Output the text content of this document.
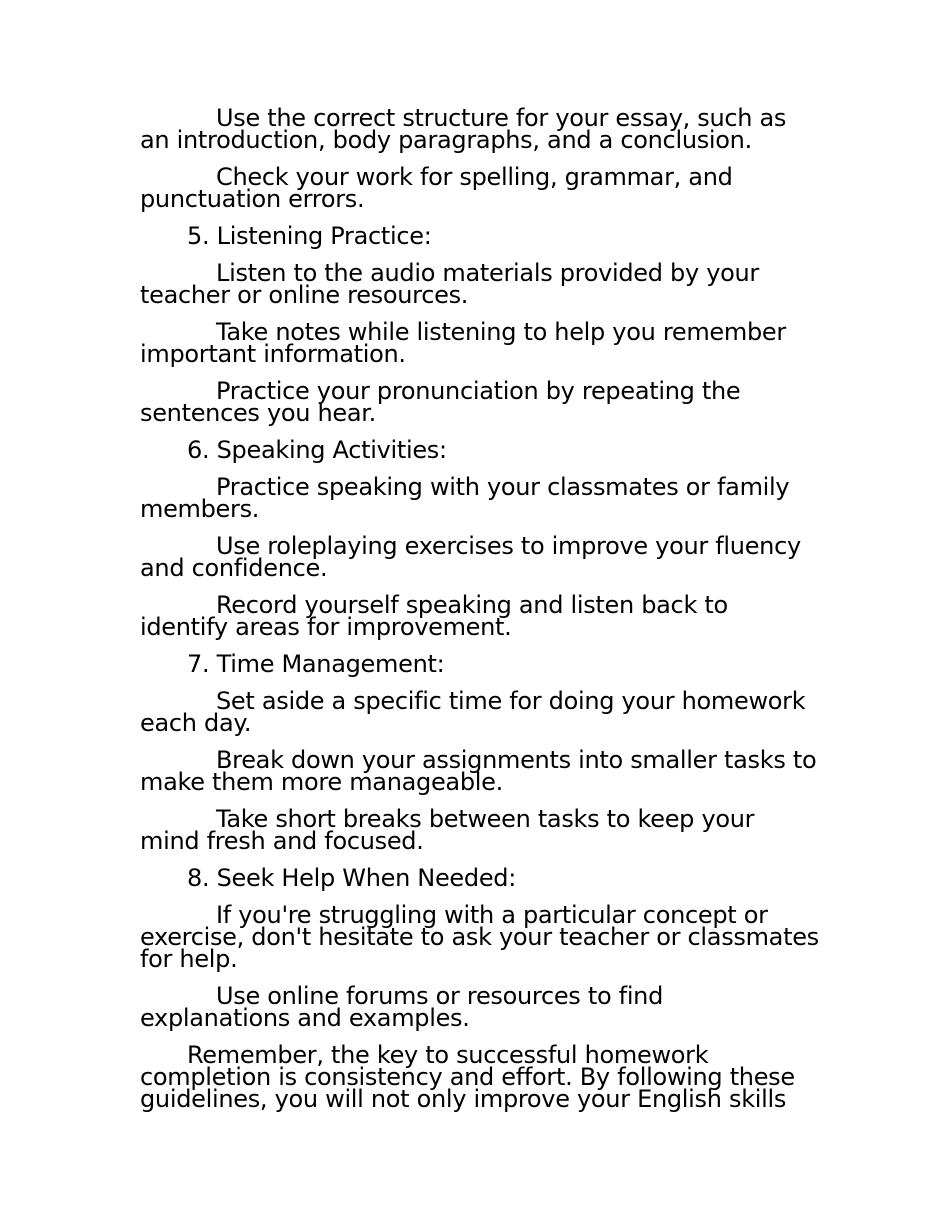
Use the correct structure for your essay, such as an introduction, body paragraphs, and a conclusion.

Check your work for spelling, grammar, and punctuation errors.

5. Listening Practice:

Listen to the audio materials provided by your teacher or online resources.

Take notes while listening to help you remember important information.

Practice your pronunciation by repeating the sentences you hear.

6. Speaking Activities:

Practice speaking with your classmates or family members.

Use roleplaying exercises to improve your fluency and confidence.

Record yourself speaking and listen back to identify areas for improvement.

7. Time Management:

Set aside a specific time for doing your homework each day.

Break down your assignments into smaller tasks to make them more manageable.

Take short breaks between tasks to keep your mind fresh and focused.

8. Seek Help When Needed:

If you're struggling with a particular concept or exercise, don't hesitate to ask your teacher or classmates for help.

Use online forums or resources to find explanations and examples.

Remember, the key to successful homework completion is consistency and effort. By following these guidelines, you will not only improve your English skills
